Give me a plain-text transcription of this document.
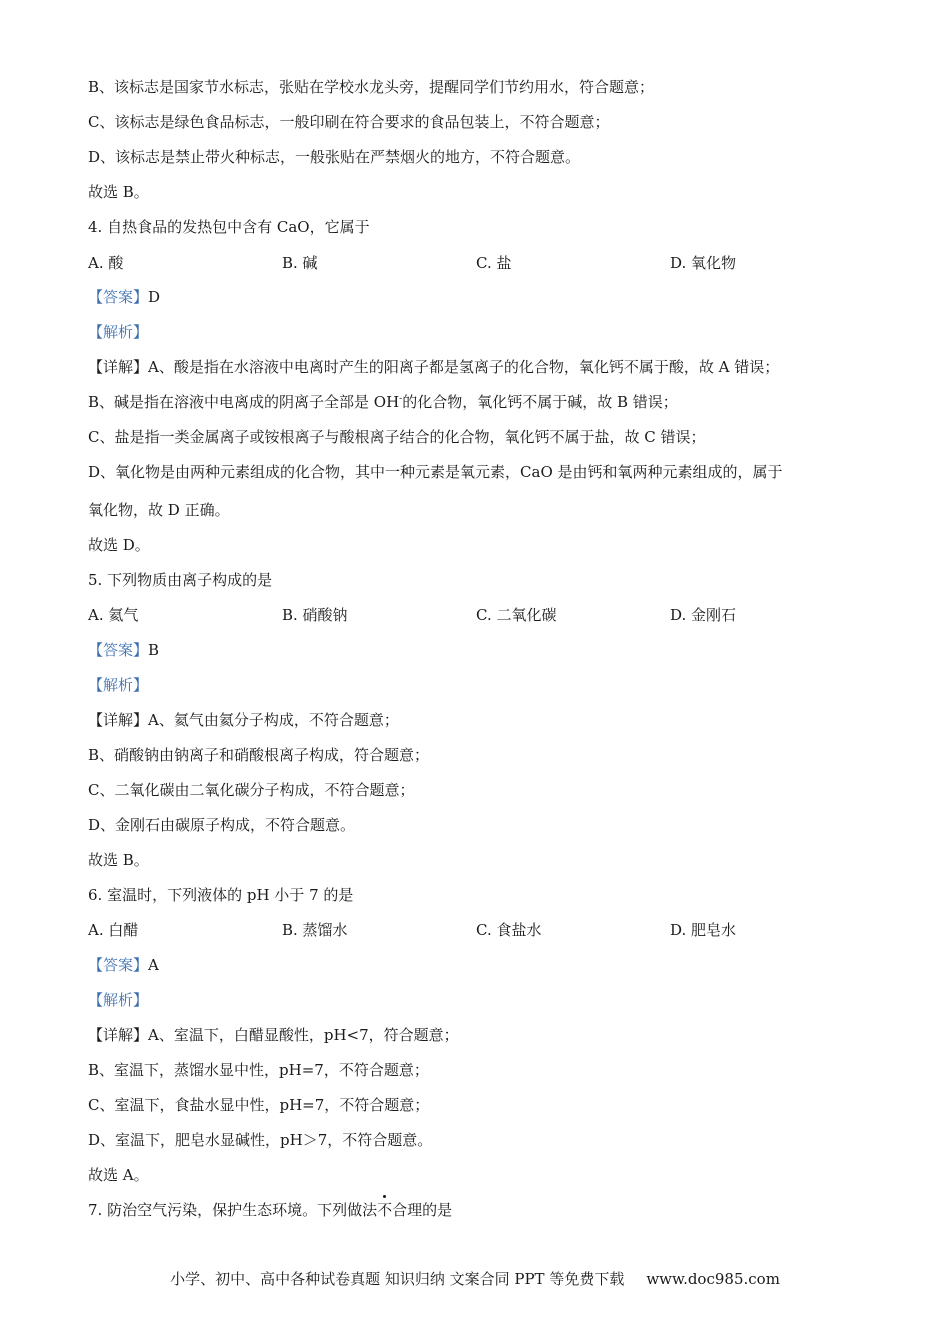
B、该标志是国家节水标志，张贴在学校水龙头旁，提醒同学们节约用水，符合题意；
C、该标志是绿色食品标志，一般印刷在符合要求的食品包装上，不符合题意；
D、该标志是禁止带火种标志，一般张贴在严禁烟火的地方，不符合题意。
故选 B。
4. 自热食品的发热包中含有 CaO，它属于
A. 酸	B. 碱	C. 盐	D. 氧化物
【答案】D
【解析】
【详解】A、酸是指在水溶液中电离时产生的阳离子都是氢离子的化合物，氧化钙不属于酸，故 A 错误；
B、碱是指在溶液中电离成的阴离子全部是 OH-的化合物，氧化钙不属于碱，故 B 错误；
C、盐是指一类金属离子或铵根离子与酸根离子结合的化合物，氧化钙不属于盐，故 C 错误；
D、氧化物是由两种元素组成的化合物，其中一种元素是氧元素，CaO 是由钙和氧两种元素组成的，属于
氧化物，故 D 正确。
故选 D。
5. 下列物质由离子构成的是
A. 氦气	B. 硝酸钠	C. 二氧化碳	D. 金刚石
【答案】B
【解析】
【详解】A、氦气由氦分子构成，不符合题意；
B、硝酸钠由钠离子和硝酸根离子构成，符合题意；
C、二氧化碳由二氧化碳分子构成，不符合题意；
D、金刚石由碳原子构成，不符合题意。
故选 B。
6. 室温时，下列液体的 pH 小于 7 的是
A. 白醋	B. 蒸馏水	C. 食盐水	D. 肥皂水
【答案】A
【解析】
【详解】A、室温下，白醋显酸性，pH<7，符合题意；
B、室温下，蒸馏水显中性，pH=7，不符合题意；
C、室温下，食盐水显中性，pH=7，不符合题意；
D、室温下，肥皂水显碱性，pH＞7，不符合题意。
故选 A。
7. 防治空气污染，保护生态环境。下列做法不合理的是
小学、初中、高中各种试卷真题 知识归纳 文案合同 PPT 等免费下载 www.doc985.com
